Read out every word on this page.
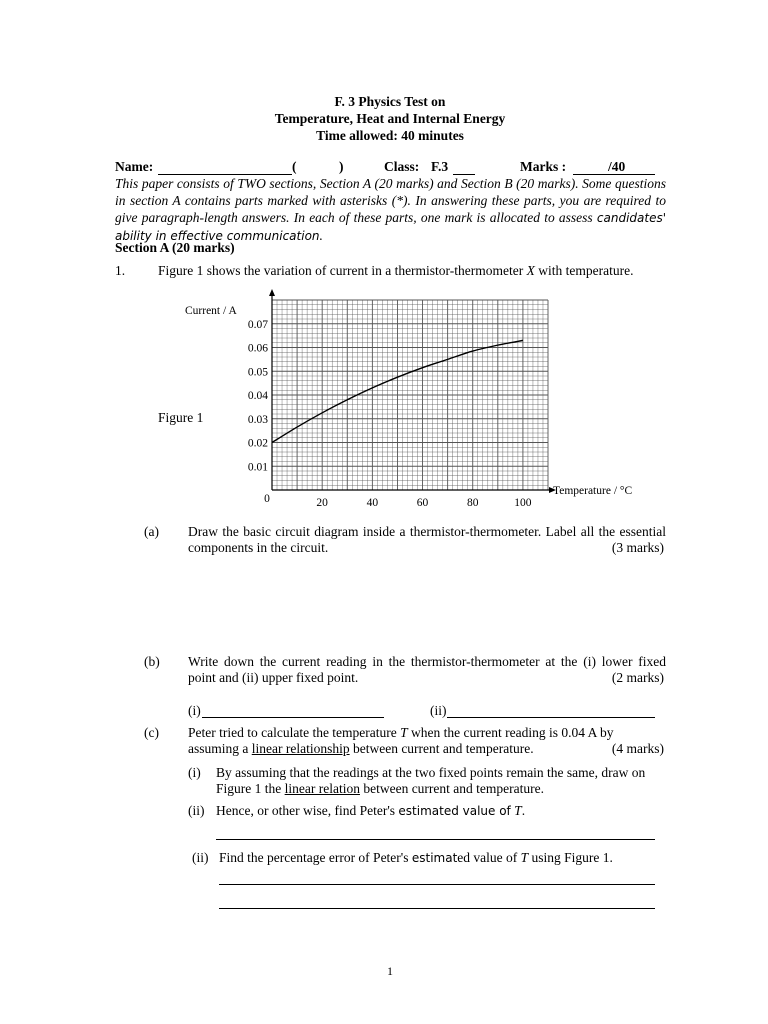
F. 3 Physics Test on
Temperature, Heat and Internal Energy
Time allowed: 40 minutes
Name:	(	)	Class: F.3	Marks :	/40
This paper consists of TWO sections, Section A (20 marks) and Section B (20 marks). Some questions in section A contains parts marked with asterisks (*). In answering these parts, you are required to give paragraph-length answers. In each of these parts, one mark is allocated to assess candidates' ability in effective communication.
Section A (20 marks)
1. Figure 1 shows the variation of current in a thermistor-thermometer X with temperature.
Figure 1
0.01
0.02
0.03
0.04
0.05
0.06
0.07
0	20	40	60	80	100
Current / A
Temperature / °C
(a) Draw the basic circuit diagram inside a thermistor-thermometer. Label all the essential components in the circuit.	(3 marks)
(b) Write down the current reading in the thermistor-thermometer at the (i) lower fixed point and (ii) upper fixed point.	(2 marks)
(i)	(ii)
(c) Peter tried to calculate the temperature T when the current reading is 0.04 A by
assuming a linear relationship between current and temperature.	(4 marks)
(i) By assuming that the readings at the two fixed points remain the same, draw on
Figure 1 the linear relation between current and temperature.
(ii) Hence, or other wise, find Peter's estimated value of T.
(ii) Find the percentage error of Peter's estimated value of T using Figure 1.
1
